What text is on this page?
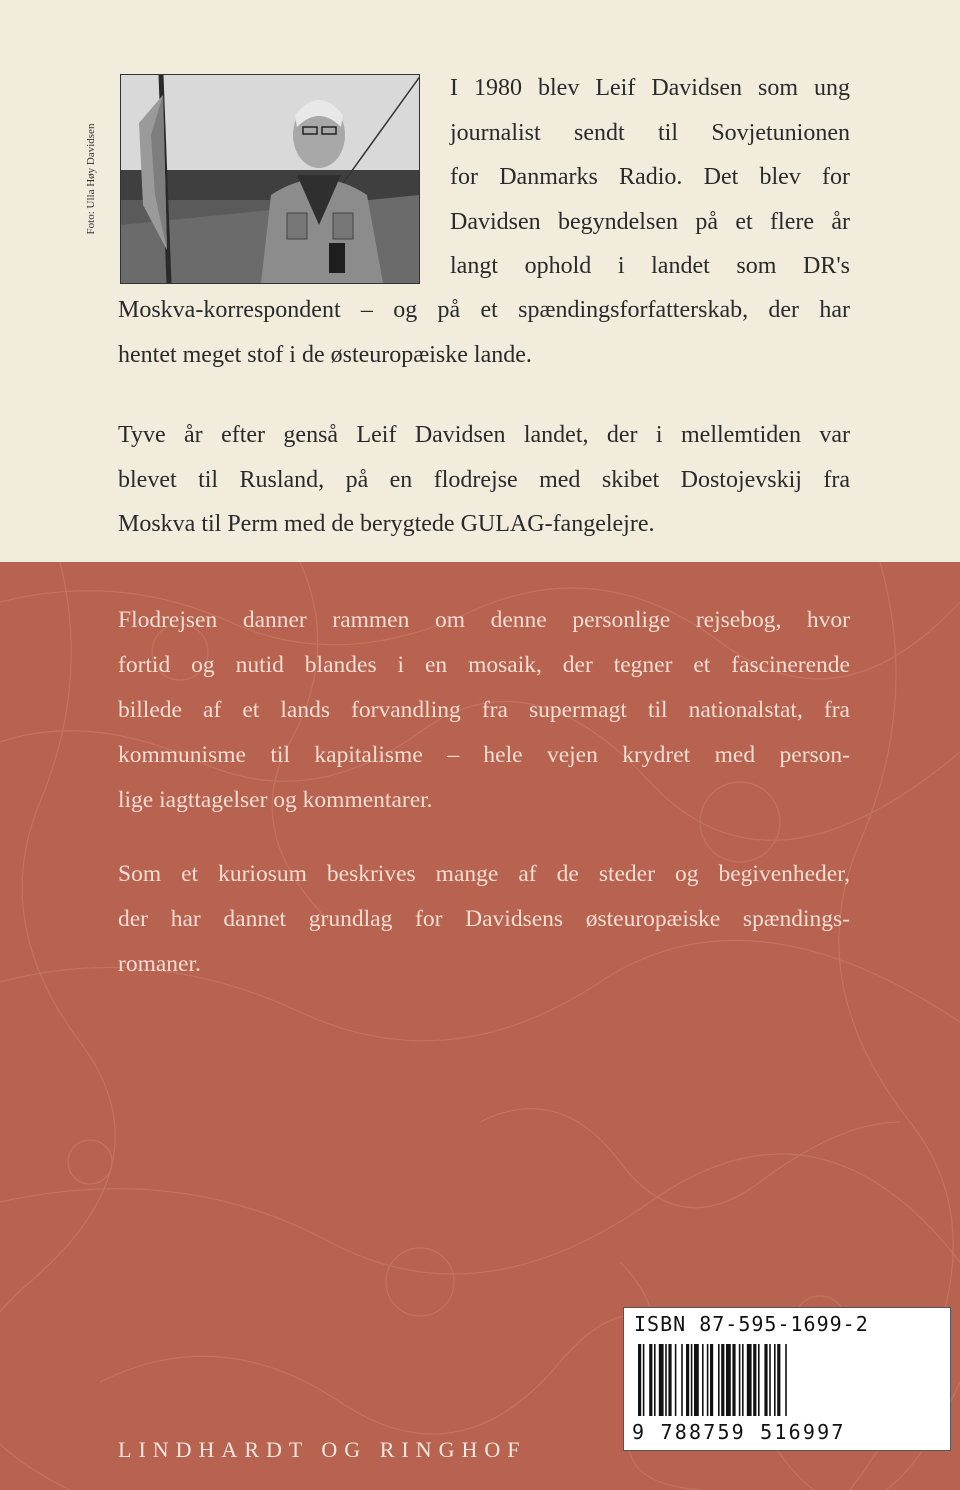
Foto: Ulla Høy Davidsen

I 1980 blev Leif Davidsen som ung
journalist sendt til Sovjetunionen
for Danmarks Radio. Det blev for
Davidsen begyndelsen på et flere år
langt ophold i landet som DR's

Moskva-korrespondent – og på et spændingsforfatterskab, der har
hentet meget stof i de østeuropæiske lande.

Tyve år efter genså Leif Davidsen landet, der i mellemtiden var
blevet til Rusland, på en flodrejse med skibet Dostojevskij fra
Moskva til Perm med de berygtede GULAG-fangelejre.

Flodrejsen danner rammen om denne personlige rejsebog, hvor
fortid og nutid blandes i en mosaik, der tegner et fascinerende
billede af et lands forvandling fra supermagt til nationalstat, fra
kommunisme til kapitalisme – hele vejen krydret med person-
lige iagttagelser og kommentarer.

Som et kuriosum beskrives mange af de steder og begivenheder,
der har dannet grundlag for Davidsens østeuropæiske spændings-
romaner.

LINDHARDT OG RINGHOF
ISBN 87-595-1699-2
9 788759 516997
